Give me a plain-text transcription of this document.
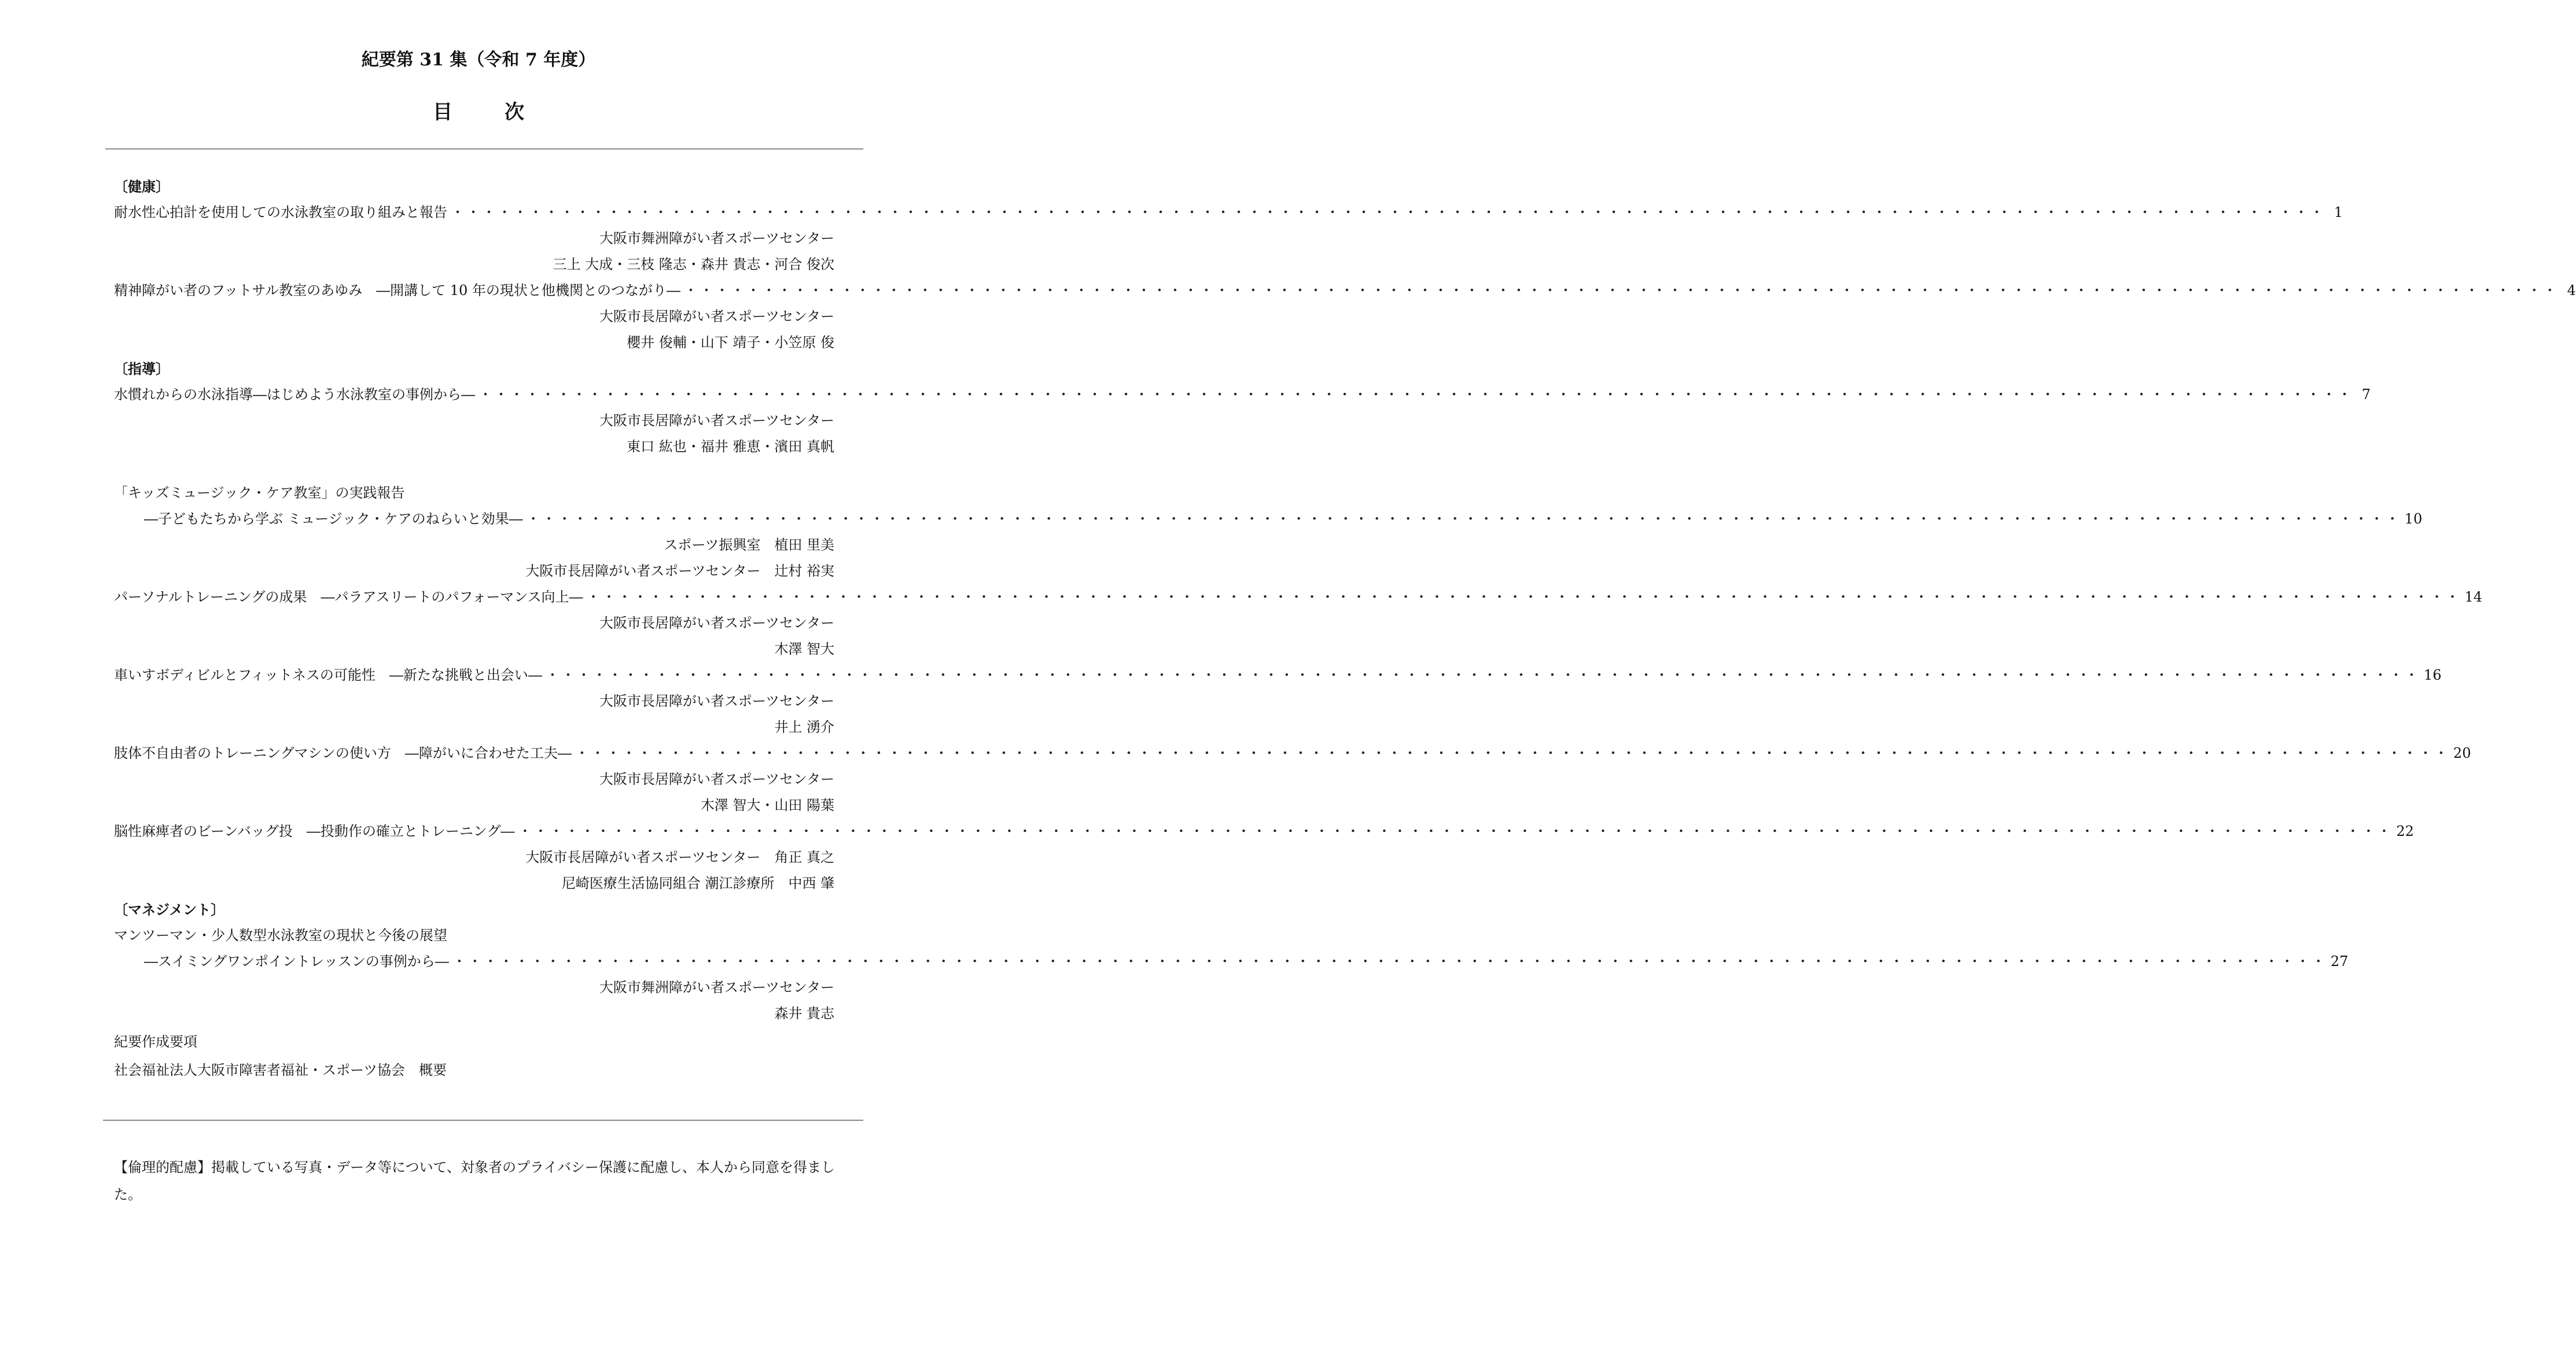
紀要第 31 集（令和 7 年度）
目　次
〔健康〕
耐水性心拍計を使用しての水泳教室の取り組みと報告 ・・・・・・・・・・・・・・・・・・・・・・・・・・・・・・・・・・・・・・・・・・・・・・・・・・・・・・・・・・・・・・・・・・・・・・・・・・・・・・・・・・・・・・・・・・・・・・・・・・・・・・・・・・・・・・・・・・・・・・・・ 1
大阪市舞洲障がい者スポーツセンター
三上 大成・三枝 隆志・森井 貴志・河合 俊次
精神障がい者のフットサル教室のあゆみ　―開講して 10 年の現状と他機関とのつながり― ・・・・・・・・・・・・・・・・・・・・・・・・・・・・・・・・・・・・・・・・・・・・・・・・・・・・・・・・・・・・・・・・・・・・・・・・・・・・・・・・・・・・・・・・・・・・・・・・・・・・・・・・・・・・・・・・・・・・・・・・ 4
大阪市長居障がい者スポーツセンター
櫻井 俊輔・山下 靖子・小笠原 俊
〔指導〕
水慣れからの水泳指導―はじめよう水泳教室の事例から― ・・・・・・・・・・・・・・・・・・・・・・・・・・・・・・・・・・・・・・・・・・・・・・・・・・・・・・・・・・・・・・・・・・・・・・・・・・・・・・・・・・・・・・・・・・・・・・・・・・・・・・・・・・・・・・・・・・・・・・・・ 7
大阪市長居障がい者スポーツセンター
東口 紘也・福井 雅恵・濱田 真帆
「キッズミュージック・ケア教室」の実践報告
―子どもたちから学ぶ ミュージック・ケアのねらいと効果― ・・・・・・・・・・・・・・・・・・・・・・・・・・・・・・・・・・・・・・・・・・・・・・・・・・・・・・・・・・・・・・・・・・・・・・・・・・・・・・・・・・・・・・・・・・・・・・・・・・・・・・・・・・・・・・・・・・・・・・・・ 10
スポーツ振興室　植田 里美
大阪市長居障がい者スポーツセンター　辻村 裕実
パーソナルトレーニングの成果　―パラアスリートのパフォーマンス向上― ・・・・・・・・・・・・・・・・・・・・・・・・・・・・・・・・・・・・・・・・・・・・・・・・・・・・・・・・・・・・・・・・・・・・・・・・・・・・・・・・・・・・・・・・・・・・・・・・・・・・・・・・・・・・・・・・・・・・・・・・ 14
大阪市長居障がい者スポーツセンター
木澤 智大
車いすボディビルとフィットネスの可能性　―新たな挑戦と出会い― ・・・・・・・・・・・・・・・・・・・・・・・・・・・・・・・・・・・・・・・・・・・・・・・・・・・・・・・・・・・・・・・・・・・・・・・・・・・・・・・・・・・・・・・・・・・・・・・・・・・・・・・・・・・・・・・・・・・・・・・・ 16
大阪市長居障がい者スポーツセンター
井上 湧介
肢体不自由者のトレーニングマシンの使い方　―障がいに合わせた工夫― ・・・・・・・・・・・・・・・・・・・・・・・・・・・・・・・・・・・・・・・・・・・・・・・・・・・・・・・・・・・・・・・・・・・・・・・・・・・・・・・・・・・・・・・・・・・・・・・・・・・・・・・・・・・・・・・・・・・・・・・・ 20
大阪市長居障がい者スポーツセンター
木澤 智大・山田 陽葉
脳性麻痺者のビーンバッグ投　―投動作の確立とトレーニング― ・・・・・・・・・・・・・・・・・・・・・・・・・・・・・・・・・・・・・・・・・・・・・・・・・・・・・・・・・・・・・・・・・・・・・・・・・・・・・・・・・・・・・・・・・・・・・・・・・・・・・・・・・・・・・・・・・・・・・・・・ 22
大阪市長居障がい者スポーツセンター　角正 真之
尼崎医療生活協同組合 潮江診療所　中西 肇
〔マネジメント〕
マンツーマン・少人数型水泳教室の現状と今後の展望
―スイミングワンポイントレッスンの事例から― ・・・・・・・・・・・・・・・・・・・・・・・・・・・・・・・・・・・・・・・・・・・・・・・・・・・・・・・・・・・・・・・・・・・・・・・・・・・・・・・・・・・・・・・・・・・・・・・・・・・・・・・・・・・・・・・・・・・・・・・・ 27
大阪市舞洲障がい者スポーツセンター
森井 貴志
紀要作成要項
社会福祉法人大阪市障害者福祉・スポーツ協会　概要
【倫理的配慮】掲載している写真・データ等について、対象者のプライバシー保護に配慮し、本人から同意を得ました。
